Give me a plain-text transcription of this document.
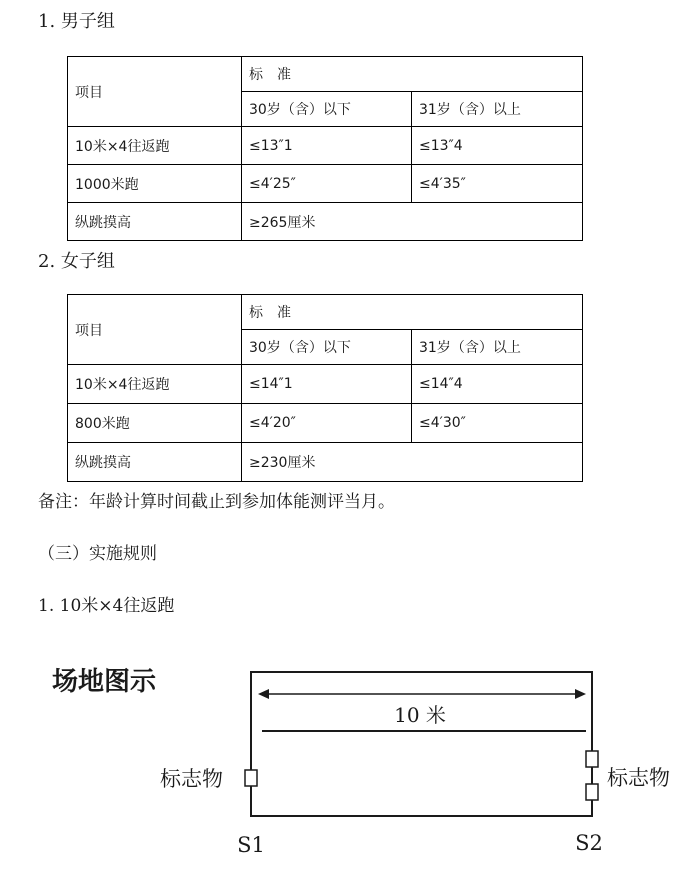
1. 男子组
项目	标　准	
	30岁（含）以下	31岁（含）以上
10米×4往返跑	≤13″1	≤13″4
1000米跑	≤4′25″	≤4′35″
纵跳摸高	≥265厘米	
2. 女子组
项目	标　准	
	30岁（含）以下	31岁（含）以上
10米×4往返跑	≤14″1	≤14″4
800米跑	≤4′20″	≤4′30″
纵跳摸高	≥230厘米	
备注：年龄计算时间截止到参加体能测评当月。
（三）实施规则
1. 10米×4往返跑
场地图示
10 米
标志物	标志物
S1	S2
